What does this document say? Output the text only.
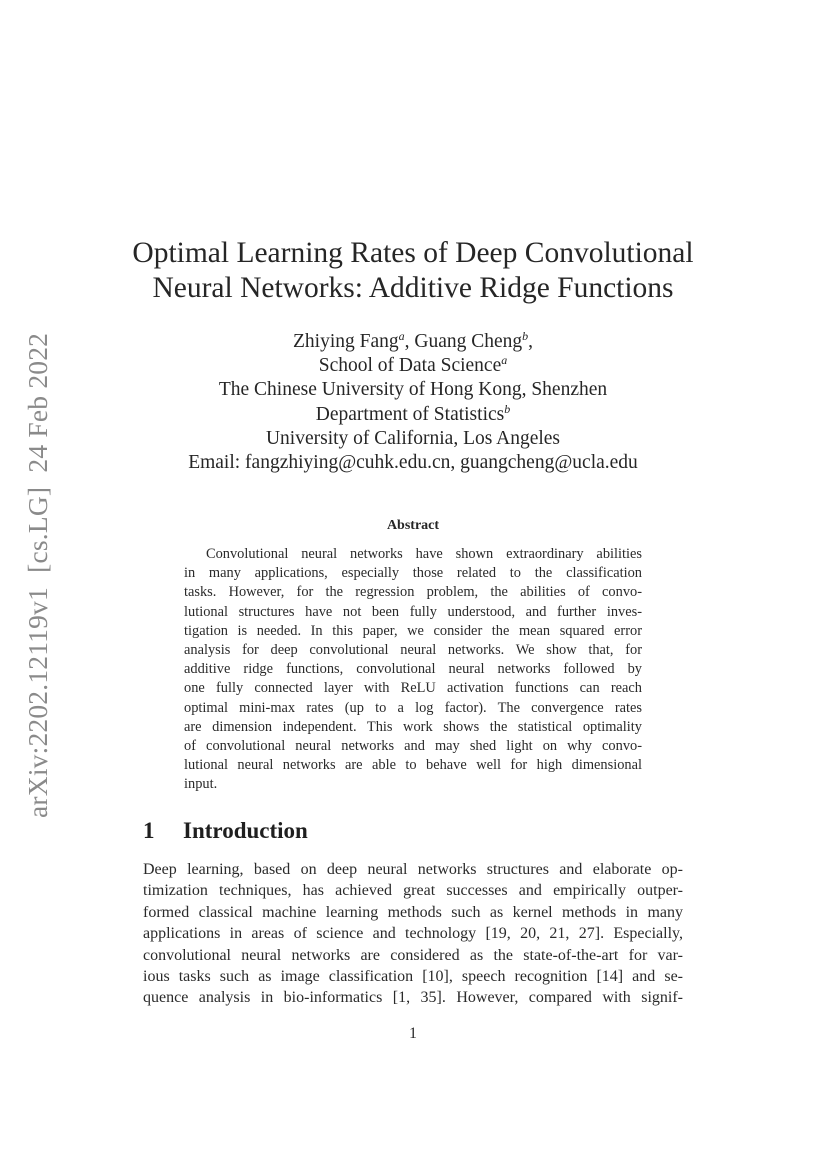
arXiv:2202.12119v1  [cs.LG]  24 Feb 2022
Optimal Learning Rates of Deep Convolutional
Neural Networks: Additive Ridge Functions
Zhiying Fang$^a$, Guang Cheng$^b$,
School of Data Science$^a$
The Chinese University of Hong Kong, Shenzhen
Department of Statistics$^b$
University of California, Los Angeles
Email: fangzhiying@cuhk.edu.cn, guangcheng@ucla.edu
Abstract
Convolutional neural networks have shown extraordinary abilities
in many applications, especially those related to the classification
tasks. However, for the regression problem, the abilities of convo-
lutional structures have not been fully understood, and further inves-
tigation is needed. In this paper, we consider the mean squared error
analysis for deep convolutional neural networks. We show that, for
additive ridge functions, convolutional neural networks followed by
one fully connected layer with ReLU activation functions can reach
optimal mini-max rates (up to a log factor). The convergence rates
are dimension independent. This work shows the statistical optimality
of convolutional neural networks and may shed light on why convo-
lutional neural networks are able to behave well for high dimensional
input.
1 Introduction
Deep learning, based on deep neural networks structures and elaborate op-
timization techniques, has achieved great successes and empirically outper-
formed classical machine learning methods such as kernel methods in many
applications in areas of science and technology [19, 20, 21, 27]. Especially,
convolutional neural networks are considered as the state-of-the-art for var-
ious tasks such as image classification [10], speech recognition [14] and se-
quence analysis in bio-informatics [1, 35]. However, compared with signif-
1
